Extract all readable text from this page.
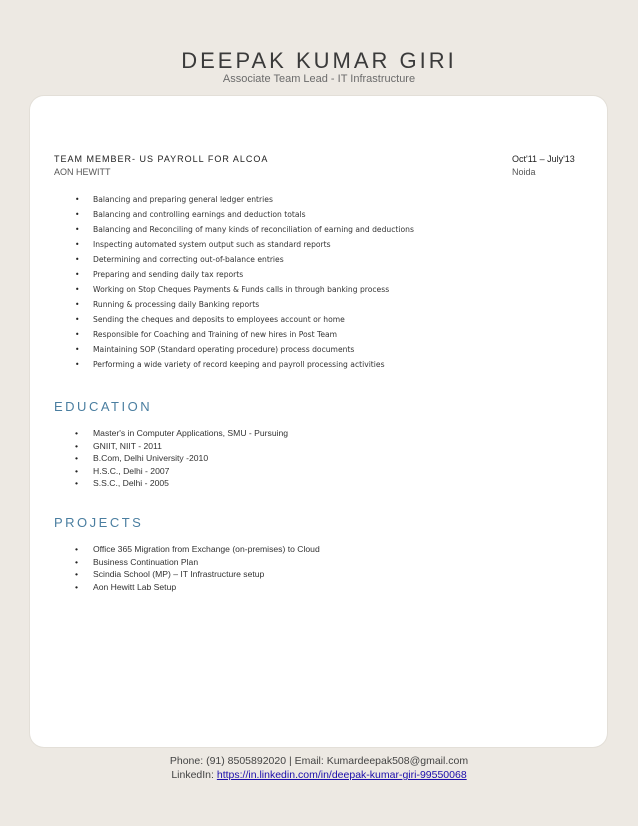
DEEPAK KUMAR GIRI
Associate Team Lead - IT Infrastructure
TEAM MEMBER- US PAYROLL FOR ALCOA	Oct'11 – July'13
AON HEWITT	Noida
• Balancing and preparing general ledger entries
• Balancing and controlling earnings and deduction totals
• Balancing and Reconciling of many kinds of reconciliation of earning and deductions
• Inspecting automated system output such as standard reports
• Determining and correcting out-of-balance entries
• Preparing and sending daily tax reports
• Working on Stop Cheques Payments & Funds calls in through banking process
• Running & processing daily Banking reports
• Sending the cheques and deposits to employees account or home
• Responsible for Coaching and Training of new hires in Post Team
• Maintaining SOP (Standard operating procedure) process documents
• Performing a wide variety of record keeping and payroll processing activities
EDUCATION
• Master's in Computer Applications, SMU - Pursuing
• GNIIT, NIIT - 2011
• B.Com, Delhi University -2010
• H.S.C., Delhi - 2007
• S.S.C., Delhi - 2005
PROJECTS
• Office 365 Migration from Exchange (on-premises) to Cloud
• Business Continuation Plan
• Scindia School (MP) – IT Infrastructure setup
• Aon Hewitt Lab Setup
Phone: (91) 8505892020 | Email: Kumardeepak508@gmail.com
LinkedIn: https://in.linkedin.com/in/deepak-kumar-giri-99550068
